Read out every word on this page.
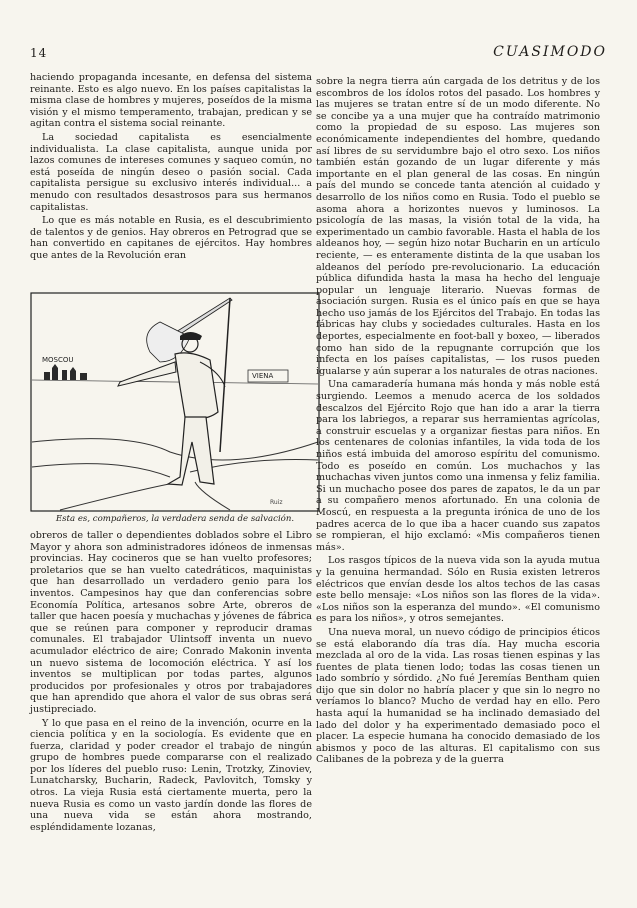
14	CUASIMODO

haciendo propaganda incesante, en defensa del sistema reinante. Esto es algo nuevo. En los países capitalistas la misma clase de hombres y mujeres, poseídos de la misma visión y el mismo temperamento, trabajan, predican y se agitan contra el sistema social reinante.

La sociedad capitalista es esencialmente individualista. La clase capitalista, aunque unida por lazos comunes de intereses comunes y saqueo común, no está poseída de ningún deseo o pasión social. Cada capitalista persigue su exclusivo interés individual... a menudo con resultados desastrosos para sus hermanos capitalistas.

Lo que es más notable en Rusia, es el descubrimiento de talentos y de genios. Hay obreros en Petrograd que se han convertido en capitanes de ejércitos. Hay hombres que antes de la Revolución eran

MOSCOU
VIENA
Ruiz
Esta es, compañeros, la verdadera senda de salvación.

obreros de taller o dependientes doblados sobre el Libro Mayor y ahora son administradores idóneos de inmensas provincias. Hay cocineros que se han vuelto profesores; proletarios que se han vuelto catedráticos, maquinistas que han desarrollado un verdadero genio para los inventos. Campesinos hay que dan conferencias sobre Economía Política, artesanos sobre Arte, obreros de taller que hacen poesía y muchachas y jóvenes de fábrica que se reúnen para componer y reproducir dramas comunales. El trabajador Ulintsoff inventa un nuevo acumulador eléctrico de aire; Conrado Makonin inventa un nuevo sistema de locomoción eléctrica. Y así los inventos se multiplican por todas partes, algunos producidos por profesionales y otros por trabajadores que han aprendido que ahora el valor de sus obras será justipreciado.

Y lo que pasa en el reino de la invención, ocurre en la ciencia política y en la sociología. Es evidente que en fuerza, claridad y poder creador el trabajo de ningún grupo de hombres puede compararse con el realizado por los líderes del pueblo ruso: Lenin, Trotzky, Zinoviev, Lunatcharsky, Bucharin, Radeck, Pavlovitch, Tomsky y otros. La vieja Rusia está ciertamente muerta, pero la nueva Rusia es como un vasto jardín donde las flores de una nueva vida se están ahora mostrando, espléndidamente lozanas,

sobre la negra tierra aún cargada de los detritus y de los escombros de los ídolos rotos del pasado. Los hombres y las mujeres se tratan entre sí de un modo diferente. No se concibe ya a una mujer que ha contraído matrimonio como la propiedad de su esposo. Las mujeres son económicamente independientes del hombre, quedando así libres de su servidumbre bajo el otro sexo. Los niños también están gozando de un lugar diferente y más importante en el plan general de las cosas. En ningún país del mundo se concede tanta atención al cuidado y desarrollo de los niños como en Rusia. Todo el pueblo se asoma ahora a horizontes nuevos y luminosos. La psicología de las masas, la visión total de la vida, ha experimentado un cambio favorable. Hasta el habla de los aldeanos hoy, — según hizo notar Bucharin en un artículo reciente, — es enteramente distinta de la que usaban los aldeanos del período pre-revolucionario. La educación pública difundida hasta la masa ha hecho del lenguaje popular un lenguaje literario. Nuevas formas de asociación surgen. Rusia es el único país en que se haya hecho uso jamás de los Ejércitos del Trabajo. En todas las fábricas hay clubs y sociedades culturales. Hasta en los deportes, especialmente en foot-ball y boxeo, — liberados como han sido de la repugnante corrupción que los infecta en los países capitalistas, — los rusos pueden igualarse y aún superar a los naturales de otras naciones.

Una camaradería humana más honda y más noble está surgiendo. Leemos a menudo acerca de los soldados descalzos del Ejército Rojo que han ido a arar la tierra para los labriegos, a reparar sus herramientas agrícolas, a construir escuelas y a organizar fiestas para niños. En los centenares de colonias infantiles, la vida toda de los niños está imbuida del amoroso espíritu del comunismo. Todo es poseído en común. Los muchachos y las muchachas viven juntos como una inmensa y feliz familia. Si un muchacho posee dos pares de zapatos, le da un par a su compañero menos afortunado. En una colonia de Moscú, en respuesta a la pregunta irónica de uno de los padres acerca de lo que iba a hacer cuando sus zapatos se rompieran, el hijo exclamó: «Mis compañeros tienen más».

Los rasgos típicos de la nueva vida son la ayuda mutua y la genuina hermandad. Sólo en Rusia existen letreros eléctricos que envían desde los altos techos de las casas este bello mensaje: «Los niños son las flores de la vida». «Los niños son la esperanza del mundo». «El comunismo es para los niños», y otros semejantes.

Una nueva moral, un nuevo código de principios éticos se está elaborando día tras día. Hay mucha escoria mezclada al oro de la vida. Las rosas tienen espinas y las fuentes de plata tienen lodo; todas las cosas tienen un lado sombrío y sórdido. ¿No fué Jeremías Bentham quien dijo que sin dolor no habría placer y que sin lo negro no veríamos lo blanco? Mucho de verdad hay en ello. Pero hasta aquí la humanidad se ha inclinado demasiado del lado del dolor y ha experimentado demasiado poco el placer. La especie humana ha conocido demasiado de los abismos y poco de las alturas. El capitalismo con sus Calibanes de la pobreza y de la guerra
